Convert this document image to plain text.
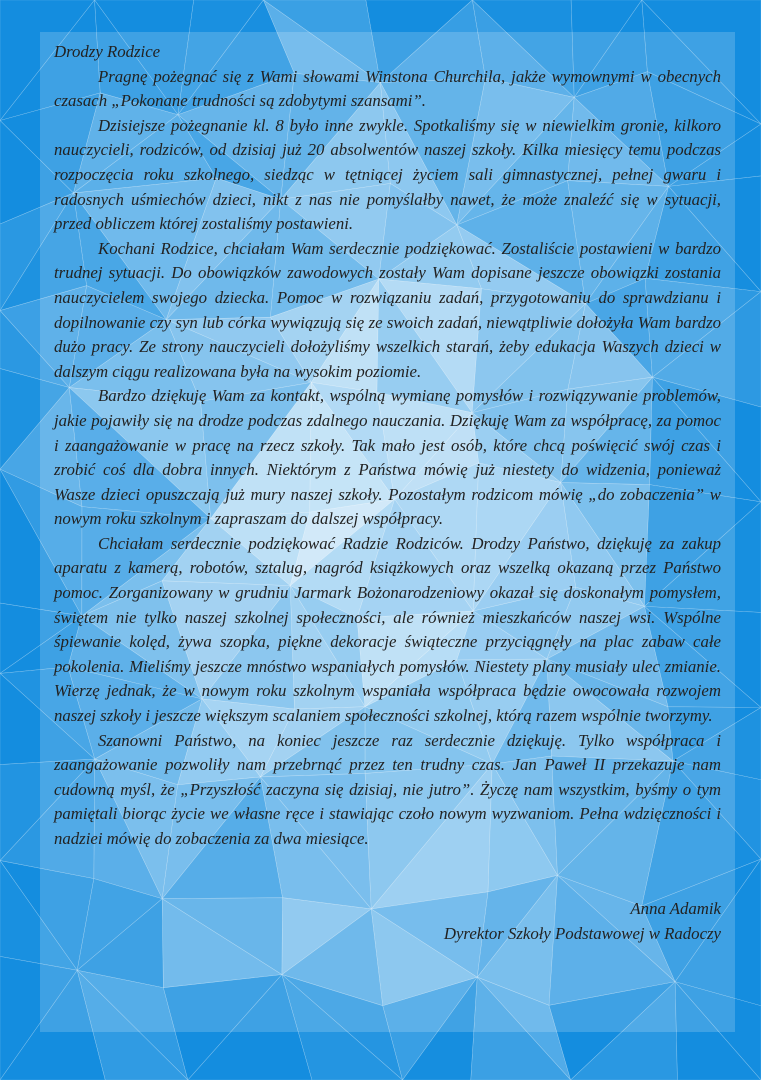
Drodzy Rodzice

Pragnę pożegnać się z Wami słowami Winstona Churchila, jakże wymownymi w obecnych czasach „Pokonane trudności są zdobytymi szansami”.

Dzisiejsze pożegnanie kl. 8 było inne zwykle. Spotkaliśmy się w niewielkim gronie, kilkoro nauczycieli, rodziców, od dzisiaj już 20 absolwentów naszej szkoły. Kilka miesięcy temu podczas rozpoczęcia roku szkolnego, siedząc w tętniącej życiem sali gimnastycznej, pełnej gwaru i radosnych uśmiechów dzieci, nikt z nas nie pomyślałby nawet, że może znaleźć się w sytuacji, przed obliczem której zostaliśmy postawieni.

Kochani Rodzice, chciałam Wam serdecznie podziękować. Zostaliście postawieni w bardzo trudnej sytuacji. Do obowiązków zawodowych zostały Wam dopisane jeszcze obowiązki zostania nauczycielem swojego dziecka. Pomoc w rozwiązaniu zadań, przygotowaniu do sprawdzianu i dopilnowanie czy syn lub córka wywiązują się ze swoich zadań, niewątpliwie dołożyła Wam bardzo dużo pracy. Ze strony nauczycieli dołożyliśmy wszelkich starań, żeby edukacja Waszych dzieci w dalszym ciągu realizowana była na wysokim poziomie.

Bardzo dziękuję Wam za kontakt, wspólną wymianę pomysłów i rozwiązywanie problemów, jakie pojawiły się na drodze podczas zdalnego nauczania. Dziękuję Wam za współpracę, za pomoc i zaangażowanie w pracę na rzecz szkoły. Tak mało jest osób, które chcą poświęcić swój czas i zrobić coś dla dobra innych. Niektórym z Państwa mówię już niestety do widzenia, ponieważ Wasze dzieci opuszczają już mury naszej szkoły. Pozostałym rodzicom mówię „do zobaczenia” w nowym roku szkolnym i zapraszam do dalszej współpracy.

Chciałam serdecznie podziękować Radzie Rodziców. Drodzy Państwo, dziękuję za zakup aparatu z kamerą, robotów, sztalug, nagród książkowych oraz wszelką okazaną przez Państwo pomoc. Zorganizowany w grudniu Jarmark Bożonarodzeniowy okazał się doskonałym pomysłem, świętem nie tylko naszej szkolnej społeczności, ale również mieszkańców naszej wsi. Wspólne śpiewanie kolęd, żywa szopka, piękne dekoracje świąteczne przyciągnęły na plac zabaw całe pokolenia. Mieliśmy jeszcze mnóstwo wspaniałych pomysłów. Niestety plany musiały ulec zmianie. Wierzę jednak, że w nowym roku szkolnym wspaniała współpraca będzie owocowała rozwojem naszej szkoły i jeszcze większym scalaniem społeczności szkolnej, którą razem wspólnie tworzymy.

Szanowni Państwo, na koniec jeszcze raz serdecznie dziękuję. Tylko współpraca i zaangażowanie pozwoliły nam przebrnąć przez ten trudny czas. Jan Paweł II przekazuje nam cudowną myśl, że „Przyszłość zaczyna się dzisiaj, nie jutro”. Życzę nam wszystkim, byśmy o tym pamiętali biorąc życie we własne ręce i stawiając czoło nowym wyzwaniom. Pełna wdzięczności i nadziei mówię do zobaczenia za dwa miesiące.

Anna Adamik
Dyrektor Szkoły Podstawowej w Radoczy
